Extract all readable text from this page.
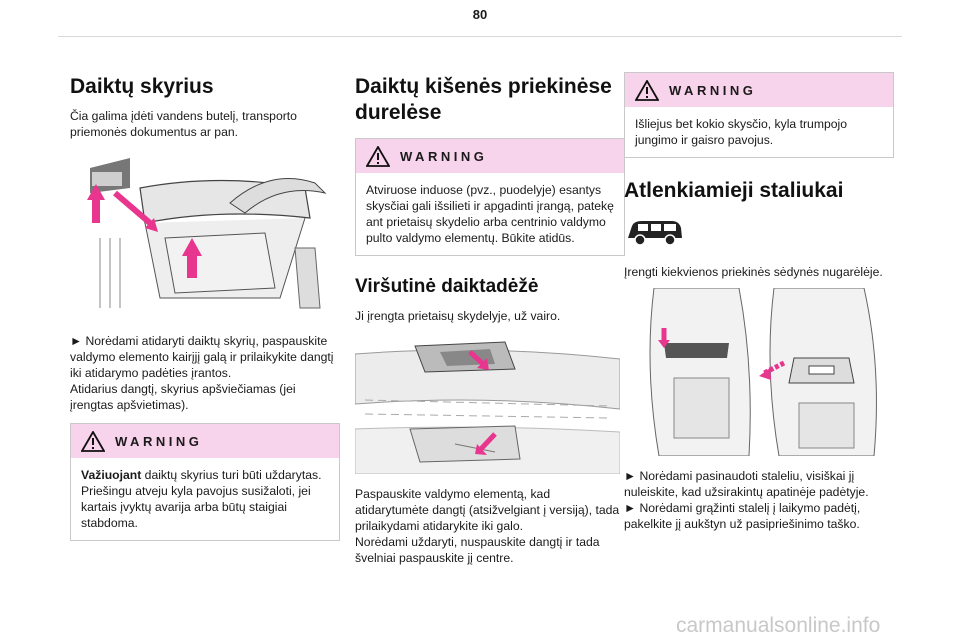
80
Daiktų skyrius

Čia galima įdėti vandens butelį, transporto priemonės dokumentus ar pan.

► Norėdami atidaryti daiktų skyrių, paspauskite valdymo elemento kairįjį galą ir prilaikykite dangtį iki atidarymo padėties įrantos.

Atidarius dangtį, skyrius apšviečiamas (jei įrengtas apšvietimas).

WARNING
Važiuojant daiktų skyrius turi būti uždarytas. Priešingu atveju kyla pavojus susižaloti, jei kartais įvyktų avarija arba būtų staigiai stabdoma.
Daiktų kišenės priekinėse durelėse
WARNING
Atviruose induose (pvz., puodelyje) esantys skysčiai gali išsilieti ir apgadinti įrangą, patekę ant prietaisų skydelio arba centrinio valdymo pulto valdymo elementų. Būkite atidūs.
Viršutinė daiktadėžė

Ji įrengta prietaisų skydelyje, už vairo.

Paspauskite valdymo elementą, kad atidarytumėte dangtį (atsižvelgiant į versiją), tada prilaikydami atidarykite iki galo.

Norėdami uždaryti, nuspauskite dangtį ir tada švelniai paspauskite jį centre.

WARNING
Išliejus bet kokio skysčio, kyla trumpojo jungimo ir gaisro pavojus.
Atlenkiamieji staliukai

Įrengti kiekvienos priekinės sėdynės nugarėlėje.

► Norėdami pasinaudoti staleliu, visiškai jį nuleiskite, kad užsirakintų apatinėje padėtyje.

► Norėdami grąžinti stalelį į laikymo padėtį, pakelkite jį aukštyn už pasipriešinimo taško.

carmanualsonline.info
